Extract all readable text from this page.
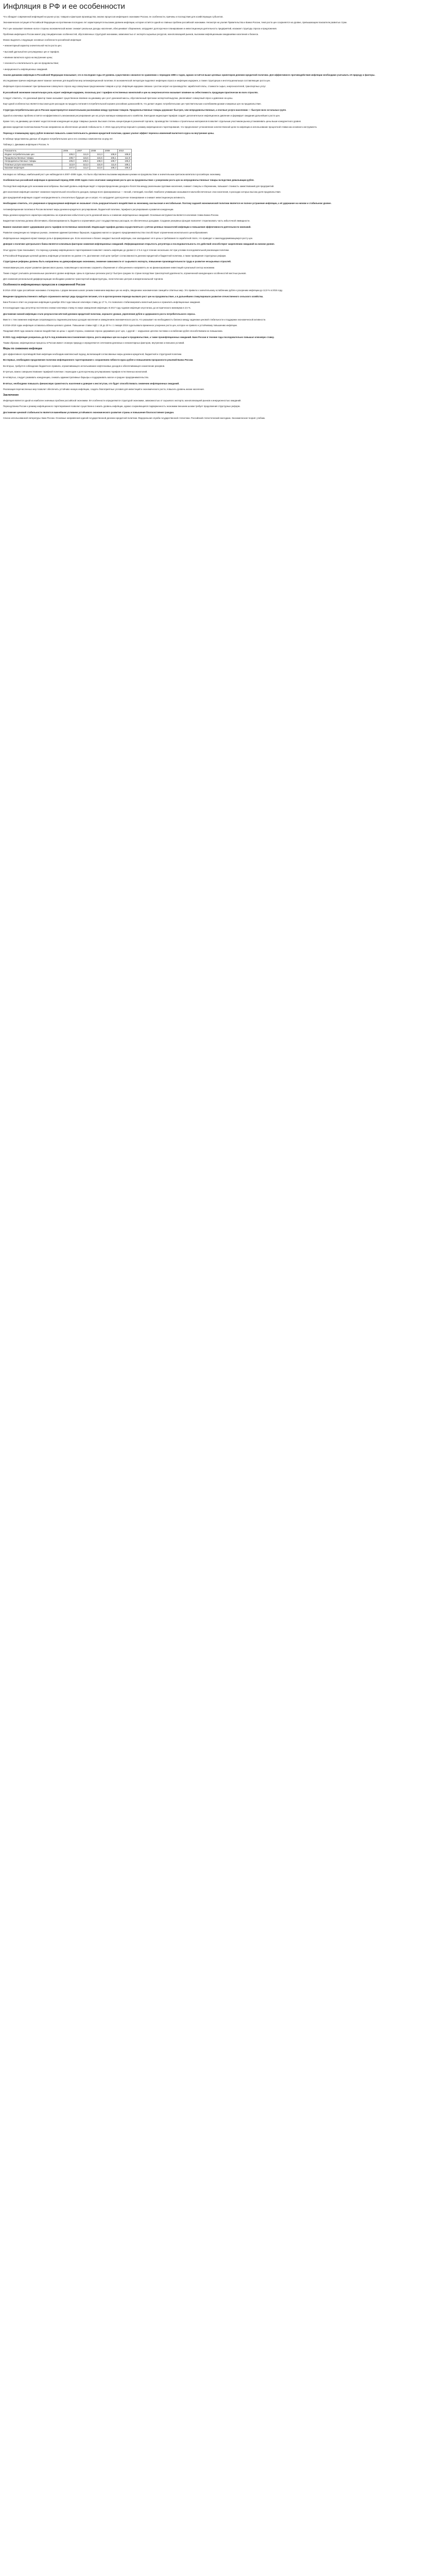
Инфляция в РФ и ее особенности

Что обладает современной инфляцией на рынке услуг, товаров и факторов производства; анализ процессов инфляции в экономике России, ее особенности, причины и последствия для хозяйствующих субъектов.

Экономическая ситуация в Российской Федерации на протяжении последних лет характеризуется высоким уровнем инфляции, которая остаётся одной из главных проблем российской экономики. Несмотря на усилия Правительства и Банка России, темп роста цен сохраняется на уровне, превышающем показатели развитых стран.

Рост цен оказывает влияние на все стороны экономической жизни: снижает реальные доходы населения, обесценивает сбережения, затрудняет долгосрочное планирование и инвестиционную деятельность предприятий, искажает структуру спроса и предложения.

Проблема инфляции в России имеет ряд специфических особенностей, обусловленных структурой экономики, зависимостью от экспорта сырьевых ресурсов, монополизацией рынков, высокими инфляционными ожиданиями населения и бизнеса.

Можно выделить следующие основные особенности российской инфляции:

• немонетарный характер значительной части роста цен;

• высокий удельный вес регулируемых цен и тарифов;

• влияние валютного курса на внутренние цены;

• сезонность и волатильность цен на продовольствие;

• инерционность инфляционных ожиданий.

Анализ динамики инфляции в Российской Федерации показывает, что в последние годы её уровень существенно снизился по сравнению с периодом 1990-х годов, однако остаётся выше целевых ориентиров денежно-кредитной политики. Для эффективного противодействия инфляции необходимо учитывать её природу и факторы.

Исследование причин инфляции имеет важное значение для выработки мер антиинфляционной политики. В экономической литературе выделяют инфляцию спроса и инфляцию издержек, а также структурную и институциональную составляющие роста цен.

Инфляция спроса возникает при превышении совокупного спроса над совокупным предложением товаров и услуг. Инфляция издержек связана с ростом затрат на производство: заработной платы, стоимости сырья, энергоносителей, транспортных услуг.

В российской экономике значительную роль играет инфляция издержек, поскольку рост тарифов естественных монополий и цен на энергоносители оказывает влияние на себестоимость продукции практически во всех отраслях.

Следует отметить, что денежный фактор также оказывает существенное влияние на динамику цен: рост денежной массы, обусловленный притоком экспортной выручки, увеличивает совокупный спрос и давление на цены.

Ещё одной особенностью является высокая доля расходов на продукты питания в потребительской корзине российских домохозяйств, что делает индекс потребительских цен чувствительным к колебаниям урожая и мировых цен на продовольствие.

Структура потребительских цен в России характеризуется значительными различиями между группами товаров. Продовольственные товары дорожают быстрее, чем непродовольственные, а платные услуги населению — быстрее всех остальных групп.

Одной из ключевых проблем остаётся неэффективность механизмов регулирования цен на услуги жилищно-коммунального хозяйства. Ежегодная индексация тарифов создаёт дополнительное инфляционное давление и формирует ожидания дальнейшего роста цен.

Кроме того, на динамику цен влияет недостаточная конкуренция на ряде товарных рынков. Высокая степень концентрации в розничной торговле, производстве топлива и строительных материалов позволяет отдельным участникам рынка устанавливать цены выше конкурентного уровня.

Денежно-кредитная политика Банка России направлена на обеспечение ценовой стабильности. С 2015 года регулятор перешёл к режиму инфляционного таргетирования, что предполагает установление количественной цели по инфляции и использование процентной ставки как основного инструмента.

Переход к плавающему курсу рубля позволил повысить самостоятельность денежно-кредитной политики, однако усилил эффект переноса изменений валютного курса на внутренние цены.

В таблице представлены данные об индексе потребительских цен и его основных компонентах за ряд лет.

Таблица 1. Динамика инфляции в России, %

Показатель	2006	2007	2008	2009	2010
Индекс потребительских цен	109,0	111,9	113,3	108,8	108,8
Продовольственные товары	108,7	115,6	116,5	106,1	112,9
Непродовольственные товары	106,0	106,5	108,0	109,7	105,0
Платные услуги населению	113,9	113,3	115,9	111,6	108,1
Базовая инфляция	107,8	111,0	113,6	108,3	106,6

Как видно из таблицы, наибольший рост цен наблюдался в 2007–2008 годах, что было обусловлено высокими мировыми ценами на продовольствие и значительным притоком капитала в российскую экономику.

Особенностью российской инфляции в кризисный период 2008–2009 годов стало сочетание замедления роста цен на продовольствие с ускорением роста цен на непродовольственные товары вследствие девальвации рубля.

Последствия инфляции для экономики многообразны. Высокий уровень инфляции ведёт к перераспределению доходов и богатства между различными группами населения, снижает стимулы к сбережению, повышает стоимость заимствований для предприятий.

Для населения инфляция означает снижение покупательной способности доходов, прежде всего фиксированных — пенсий, стипендий, пособий. Наиболее уязвимыми оказываются малообеспеченные слои населения, в расходах которых высока доля продовольствия.

Для предприятий инфляция создаёт неопределённость относительно будущих цен и затрат, что затрудняет долгосрочное планирование и снижает инвестиционную активность.

Необходимо отметить, что умеренная и предсказуемая инфляция не оказывает столь разрушительного воздействия на экономику, как высокая и нестабильная. Поэтому задачей экономической политики является не полное устранение инфляции, а её удержание на низком и стабильном уровне.

Антиинфляционная политика в России включает меры денежно-кредитного регулирования, бюджетной политики, тарифного регулирования и развития конкуренции.

Меры денежно-кредитного характера направлены на ограничение избыточного роста денежной массы и снижение инфляционных ожиданий. Основным инструментом является ключевая ставка Банка России.

Бюджетная политика должна обеспечивать сбалансированность бюджета и ограничивать рост государственных расходов, не обеспеченных доходами. Создание резервных фондов позволяет стерилизовать часть избыточной ликвидности.

Важное значение имеет сдерживание роста тарифов естественных монополий. Индексация тарифов должна осуществляться с учётом целевых показателей инфляции и повышения эффективности деятельности компаний.

Развитие конкуренции на товарных рынках, снижение административных барьеров, поддержка малого и среднего предпринимательства способствуют ограничению монопольного ценообразования.

Инфляционные ожидания играют важную роль в формировании цен. Если население и бизнес ожидают высокой инфляции, они закладывают её в цены и требования по заработной плате, что приводит к самоподдерживающемуся росту цен.

Доверие к политике центрального банка является ключевым фактором снижения инфляционных ожиданий. Информационная открытость регулятора и последовательность его действий способствуют закреплению ожиданий на низком уровне.

Опыт других стран показывает, что переход к режиму инфляционного таргетирования позволяет снизить инфляцию до уровня 2–4 % в год в течение нескольких лет при условии последовательной реализации политики.

В Российской Федерации целевой уровень инфляции установлен на уровне 4 %. Достижение этой цели требует согласованности денежно-кредитной и бюджетной политики, а также проведения структурных реформ.

Структурные реформы должны быть направлены на диверсификацию экономики, снижение зависимости от сырьевого экспорта, повышение производительности труда и развитие несырьевых отраслей.

Немаловажную роль играет развитие финансового рынка, позволяющего населению сохранять сбережения от обесценения и направлять их на финансирование инвестиций в реальный сектор экономики.

Также следует учитывать региональные различия в уровне инфляции. Цены в отдельных регионах растут быстрее средних по стране вследствие транспортной удалённости, ограниченной конкуренции и особенностей местных рынков.

Для снижения региональной дифференциации необходимо развитие транспортной инфраструктуры, логистических центров и межрегиональной торговли.

Особенности инфляционных процессов в современной России

В 2014–2015 годах российская экономика столкнулась с рядом внешних шоков: резким снижением мировых цен на нефть, введением экономических санкций и ответных мер. Это привело к значительному ослаблению рубля и ускорению инфляции до 12,9 % в 2015 году.

Введение продовольственного эмбарго ограничило импорт ряда продуктов питания, что в краткосрочном периоде вызвало рост цен на продовольствие, а в дальнейшем стимулировало развитие отечественного сельского хозяйства.

Банк России в ответ на ускорение инфляции в декабре 2014 года повысил ключевую ставку до 17 %, что позволило стабилизировать валютный рынок и ограничить инфляционные ожидания.

В последующие годы регулятор постепенно снижал ключевую ставку по мере замедления инфляции. В 2017 году годовая инфляция опустилась до исторического минимума в 2,5 %.

Достижение низкой инфляции стало результатом жёсткой денежно-кредитной политики, хорошего урожая, укрепления рубля и сдержанного роста потребительского спроса.

Вместе с тем снижение инфляции сопровождалось падением реальных доходов населения и замедлением экономического роста, что указывает на необходимость баланса между задачами ценовой стабильности и поддержки экономической активности.

В 2018–2019 годах инфляция оставалась вблизи целевого уровня. Повышение ставки НДС с 18 до 20 % с 1 января 2019 года вызвало временное ускорение роста цен, которое не привело к устойчивому повышению инфляции.

Пандемия 2020 года оказала сложное воздействие на цены: с одной стороны, снижение спроса сдерживало рост цен, с другой — нарушение цепочек поставок и ослабление рубля способствовали их повышению.

В 2021 году инфляция ускорилась до 8,4 % под влиянием восстановления спроса, роста мировых цен на сырьё и продовольствие, а также проинфляционных ожиданий. Банк России в течение года последовательно повышал ключевую ставку.

Таким образом, инфляционные процессы в России имеют сложную природу и определяются сочетанием денежных и немонетарных факторов, внутренних и внешних условий.

Меры по снижению инфляции

Для эффективного противодействия инфляции необходим комплексный подход, включающий согласованные меры денежно-кредитной, бюджетной и структурной политики.

Во-первых, необходимо продолжение политики инфляционного таргетирования с сохранением гибкости курса рубля и повышением прозрачности решений Банка России.

Во-вторых, требуется соблюдение бюджетного правила, ограничивающего использование нефтегазовых доходов и обеспечивающего накопление резервов.

В-третьих, важно совершенствование тарифной политики с переходом к долгосрочному регулированию тарифов естественных монополий.

В-четвёртых, следует развивать конкуренцию, снижать административные барьеры и поддерживать малое и среднее предпринимательство.

В-пятых, необходимо повышать финансовую грамотность населения и доверие к институтам, что будет способствовать снижению инфляционных ожиданий.

Реализация перечисленных мер позволит обеспечить устойчиво низкую инфляцию, создать благоприятные условия для инвестиций и экономического роста, повысить уровень жизни населения.

Заключение

Инфляция является одной из наиболее значимых проблем российской экономики. Её особенности определяются структурой экономики, зависимостью от сырьевого экспорта, монополизацией рынков и инерционностью ожиданий.

Переход Банка России к режиму инфляционного таргетирования позволил существенно снизить уровень инфляции, однако сохраняющаяся подверженность экономики внешним шокам требует продолжения структурных реформ.

Достижение ценовой стабильности является важнейшим условием устойчивого экономического развития страны и повышения благосостояния граждан.

Список использованной литературы: Банк России. Основные направления единой государственной денежно-кредитной политики. Федеральная служба государственной статистики. Российский статистический ежегодник. Экономическая теория: учебник.
